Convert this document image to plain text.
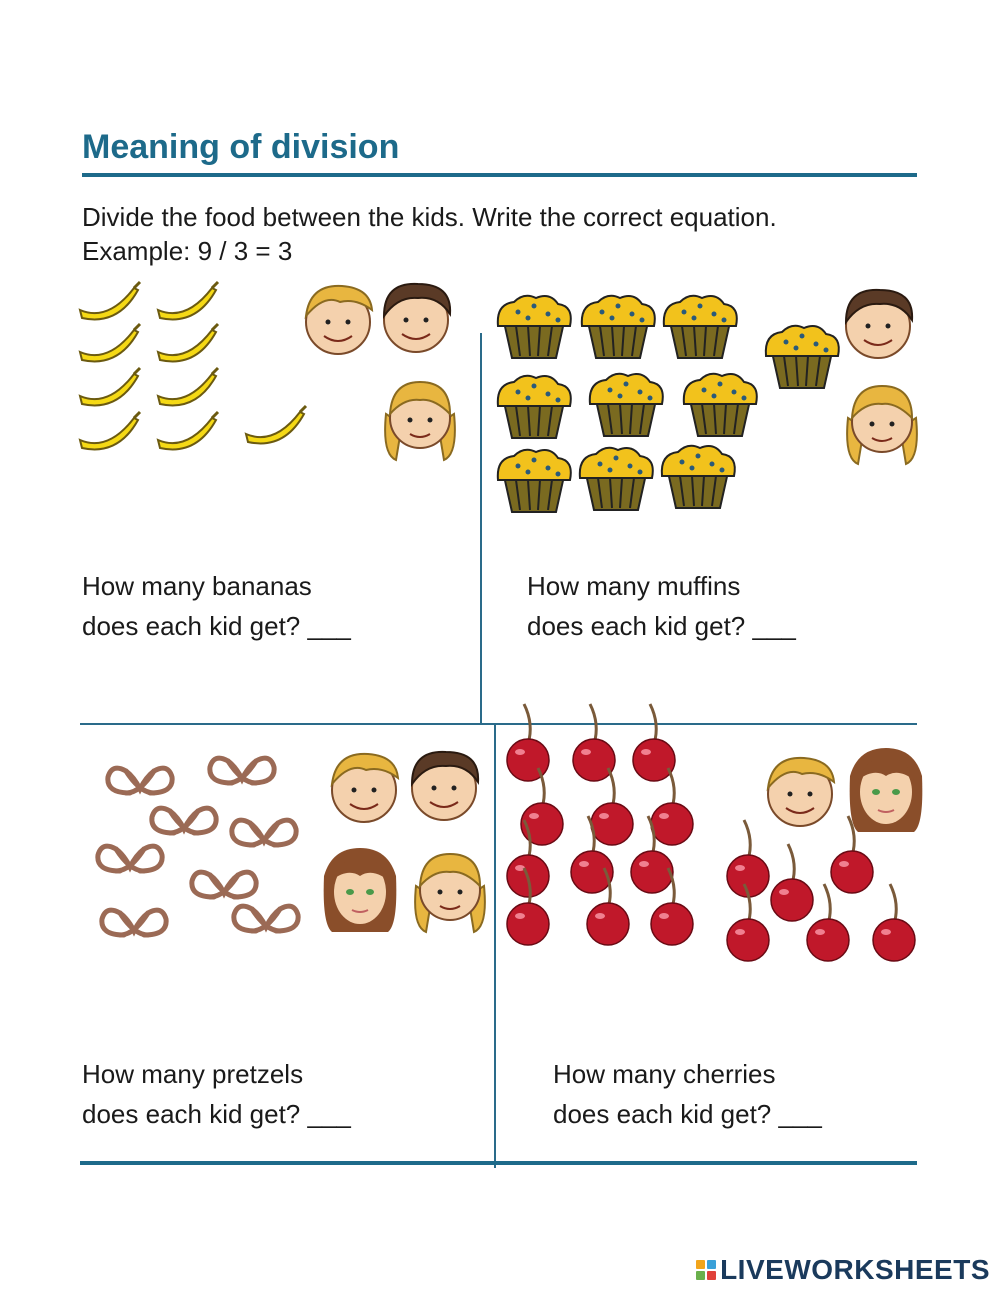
Meaning of division
Divide the food between the kids. Write the correct equation.
Example: 9 / 3 = 3
How many bananas
does each kid get? ___
How many muffins
does each kid get? ___
How many pretzels
does each kid get? ___
How many cherries
does each kid get? ___
LIVEWORKSHEETS
